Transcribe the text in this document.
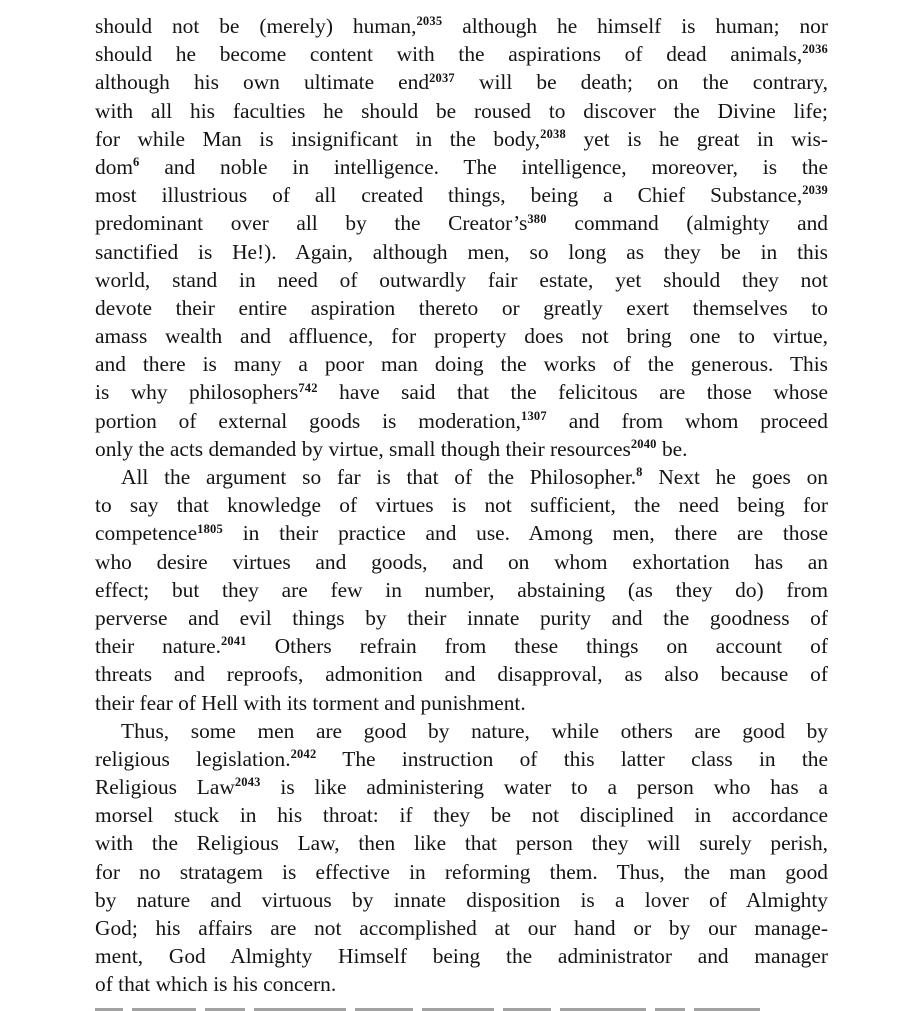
should not be (merely) human,$^{2035}$ although he himself is human; nor
should he become content with the aspirations of dead animals,$^{2036}$
although his own ultimate end$^{2037}$ will be death; on the contrary,
with all his faculties he should be roused to discover the Divine life;
for while Man is insignificant in the body,$^{2038}$ yet is he great in wis-
dom$^6$ and noble in intelligence. The intelligence, moreover, is the
most illustrious of all created things, being a Chief Substance,$^{2039}$
predominant over all by the $Creator’s^{380}$ command (almighty and
sanctified is He!). Again, although men, so long as they be in this
world, stand in need of outwardly fair estate, yet should they not
devote their entire aspiration thereto or greatly exert themselves to
amass wealth and affluence, for property does not bring one to virtue,
and there is many a poor man doing the works of the generous. This
is why philosophers$^{742}$ have said that the felicitous are those whose
portion of external goods is moderation,$^{1307}$ and from whom proceed
only the acts demanded by virtue, small though their resources$^{2040}$ be.
All the argument so far is that of the Philosopher.$^8$ Next he goes on
to say that knowledge of virtues is not sufficient, the need being for
competence$^{1805}$ in their practice and use. Among men, there are those
who desire virtues and goods, and on whom exhortation has an
effect; but they are few in number, abstaining (as they do) from
perverse and evil things by their innate purity and the goodness of
their nature.$^{2041}$ Others refrain from these things on account of
threats and reproofs, admonition and disapproval, as also because of
their fear of Hell with its torment and punishment.
Thus, some men are good by nature, while others are good by
religious legislation.$^{2042}$ The instruction of this latter class in the
Religious Law$^{2043}$ is like administering water to a person who has a
morsel stuck in his throat: if they be not disciplined in accordance
with the Religious Law, then like that person they will surely perish,
for no stratagem is effective in reforming them. Thus, the man good
by nature and virtuous by innate disposition is a lover of Almighty
God; his affairs are not accomplished at our hand or by our manage-
ment, God Almighty Himself being the administrator and manager
of that which is his concern.
